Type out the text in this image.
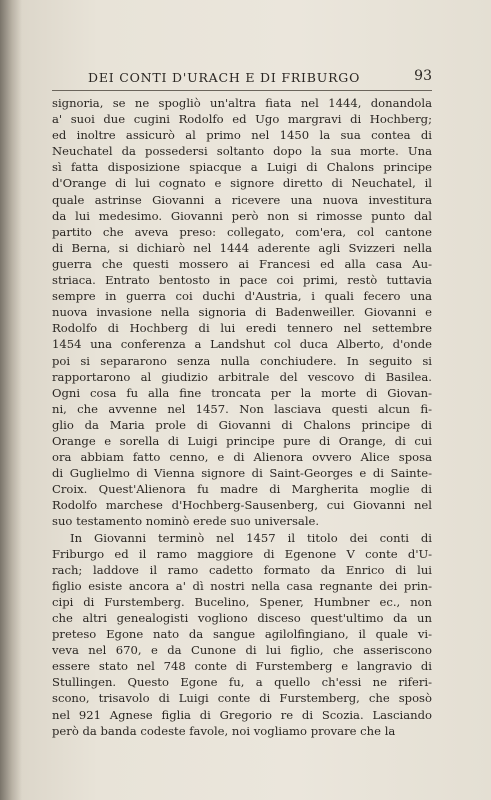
DEI CONTI D'URACH E DI FRIBURGO	93
signoria, se ne spogliò un'altra fiata nel 1444, donandola
a' suoi due cugini Rodolfo ed Ugo margravi di Hochberg;
ed inoltre assicurò al primo nel 1450 la sua contea di
Neuchatel da possedersi soltanto dopo la sua morte. Una
sì fatta disposizione spiacque a Luigi di Chalons principe
d'Orange di lui cognato e signore diretto di Neuchatel, il
quale astrinse Giovanni a ricevere una nuova investitura
da lui medesimo. Giovanni però non si rimosse punto dal
partito che aveva preso: collegato, com'era, col cantone
di Berna, si dichiarò nel 1444 aderente agli Svizzeri nella
guerra che questi mossero ai Francesi ed alla casa Au-
striaca. Entrato bentosto in pace coi primi, restò tuttavia
sempre in guerra coi duchi d'Austria, i quali fecero una
nuova invasione nella signoria di Badenweiller. Giovanni e
Rodolfo di Hochberg di lui eredi tennero nel settembre
1454 una conferenza a Landshut col duca Alberto, d'onde
poi si separarono senza nulla conchiudere. In seguito si
rapportarono al giudizio arbitrale del vescovo di Basilea.
Ogni cosa fu alla fine troncata per la morte di Giovan-
ni, che avvenne nel 1457. Non lasciava questi alcun fi-
glio da Maria prole di Giovanni di Chalons principe di
Orange e sorella di Luigi principe pure di Orange, di cui
ora abbiam fatto cenno, e di Alienora ovvero Alice sposa
di Guglielmo di Vienna signore di Saint-Georges e di Sainte-
Croix. Quest'Alienora fu madre di Margherita moglie di
Rodolfo marchese d'Hochberg-Sausenberg, cui Giovanni nel
suo testamento nominò erede suo universale.
In Giovanni terminò nel 1457 il titolo dei conti di
Friburgo ed il ramo maggiore di Egenone V conte d'U-
rach; laddove il ramo cadetto formato da Enrico di lui
figlio esiste ancora a' dì nostri nella casa regnante dei prin-
cipi di Furstemberg. Bucelino, Spener, Humbner ec., non
che altri genealogisti vogliono disceso quest'ultimo da un
preteso Egone nato da sangue agilolfingiano, il quale vi-
veva nel 670, e da Cunone di lui figlio, che asseriscono
essere stato nel 748 conte di Furstemberg e langravio di
Stullingen. Questo Egone fu, a quello ch'essi ne riferi-
scono, trisavolo di Luigi conte di Furstemberg, che sposò
nel 921 Agnese figlia di Gregorio re di Scozia. Lasciando
però da banda codeste favole, noi vogliamo provare che la
